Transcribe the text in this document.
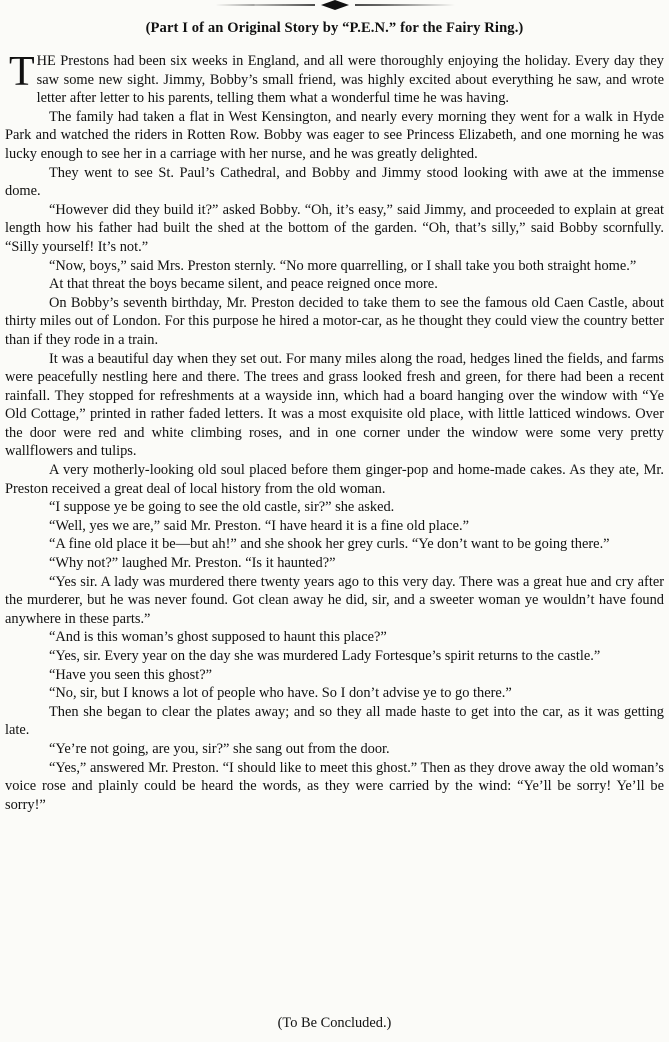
(Part I of an Original Story by “P.E.N.” for the Fairy Ring.)

THE Prestons had been six weeks in England, and all were thoroughly enjoying the holiday. Every day they saw some new sight. Jimmy, Bobby’s small friend, was highly excited about everything he saw, and wrote letter after letter to his parents, telling them what a wonderful time he was having.

The family had taken a flat in West Kensington, and nearly every morning they went for a walk in Hyde Park and watched the riders in Rotten Row. Bobby was eager to see Princess Elizabeth, and one morning he was lucky enough to see her in a carriage with her nurse, and he was greatly delighted.

They went to see St. Paul’s Cathedral, and Bobby and Jimmy stood looking with awe at the immense dome.

“However did they build it?” asked Bobby. “Oh, it’s easy,” said Jimmy, and proceeded to explain at great length how his father had built the shed at the bottom of the garden. “Oh, that’s silly,” said Bobby scornfully. “Silly yourself! It’s not.”

“Now, boys,” said Mrs. Preston sternly. “No more quarrelling, or I shall take you both straight home.”

At that threat the boys became silent, and peace reigned once more.

On Bobby’s seventh birthday, Mr. Preston decided to take them to see the famous old Caen Castle, about thirty miles out of London. For this purpose he hired a motor-car, as he thought they could view the country better than if they rode in a train.

It was a beautiful day when they set out. For many miles along the road, hedges lined the fields, and farms were peacefully nestling here and there. The trees and grass looked fresh and green, for there had been a recent rainfall. They stopped for refreshments at a wayside inn, which had a board hanging over the window with “Ye Old Cottage,” printed in rather faded letters. It was a most exquisite old place, with little latticed windows. Over the door were red and white climbing roses, and in one corner under the window were some very pretty wallflowers and tulips.

A very motherly-looking old soul placed before them ginger-pop and home-made cakes. As they ate, Mr. Preston received a great deal of local history from the old woman.

“I suppose ye be going to see the old castle, sir?” she asked.

“Well, yes we are,” said Mr. Preston. “I have heard it is a fine old place.”

“A fine old place it be—but ah!” and she shook her grey curls. “Ye don’t want to be going there.”

“Why not?” laughed Mr. Preston. “Is it haunted?”

“Yes sir. A lady was murdered there twenty years ago to this very day. There was a great hue and cry after the murderer, but he was never found. Got clean away he did, sir, and a sweeter woman ye wouldn’t have found anywhere in these parts.”

“And is this woman’s ghost supposed to haunt this place?”

“Yes, sir. Every year on the day she was murdered Lady Fortesque’s spirit returns to the castle.”

“Have you seen this ghost?”

“No, sir, but I knows a lot of people who have. So I don’t advise ye to go there.”

Then she began to clear the plates away; and so they all made haste to get into the car, as it was getting late.

“Ye’re not going, are you, sir?” she sang out from the door.

“Yes,” answered Mr. Preston. “I should like to meet this ghost.” Then as they drove away the old woman’s voice rose and plainly could be heard the words, as they were carried by the wind: “Ye’ll be sorry! Ye’ll be sorry!”

(To Be Concluded.)
